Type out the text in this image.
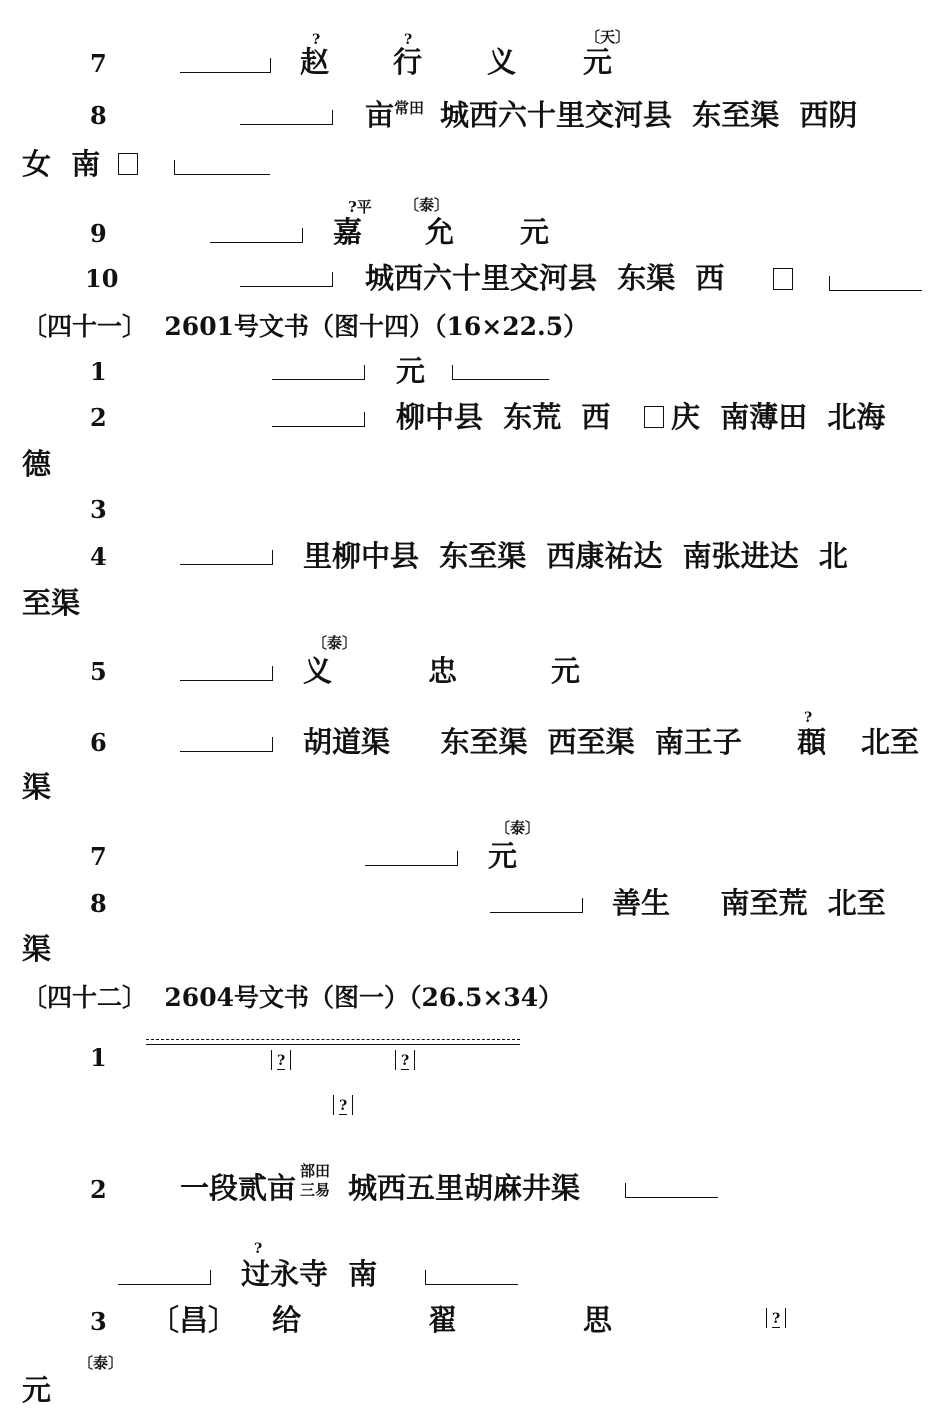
7
?
赵
?
行 义
〔天〕
元
8	亩 常田 城西六十里交河县  东至渠  西阴
女  南
9
?平
嘉
〔泰〕
允 元
10	城西六十里交河县  东渠  西
〔四十一〕  2601号文书（图十四）（16×22.5）
1	元
2	柳中县  东荒  西 庆  南薄田  北海
德
3
4	里柳中县  东至渠  西康祐达  南张进达  北
至渠
5
〔泰〕
义	忠	元
6	胡道渠     东至渠  西至渠  南王子
?
頵 北至
渠
7
〔泰〕
元
8	善生     南至荒  北至
渠
〔四十二〕  2604号文书（图一）（26.5×34）
1	?	?
?
2	一段贰亩 部田
三易 城西五里胡麻井渠
?
过永寺  南
3 〔昌〕 给	翟	思	?
〔泰〕
元
